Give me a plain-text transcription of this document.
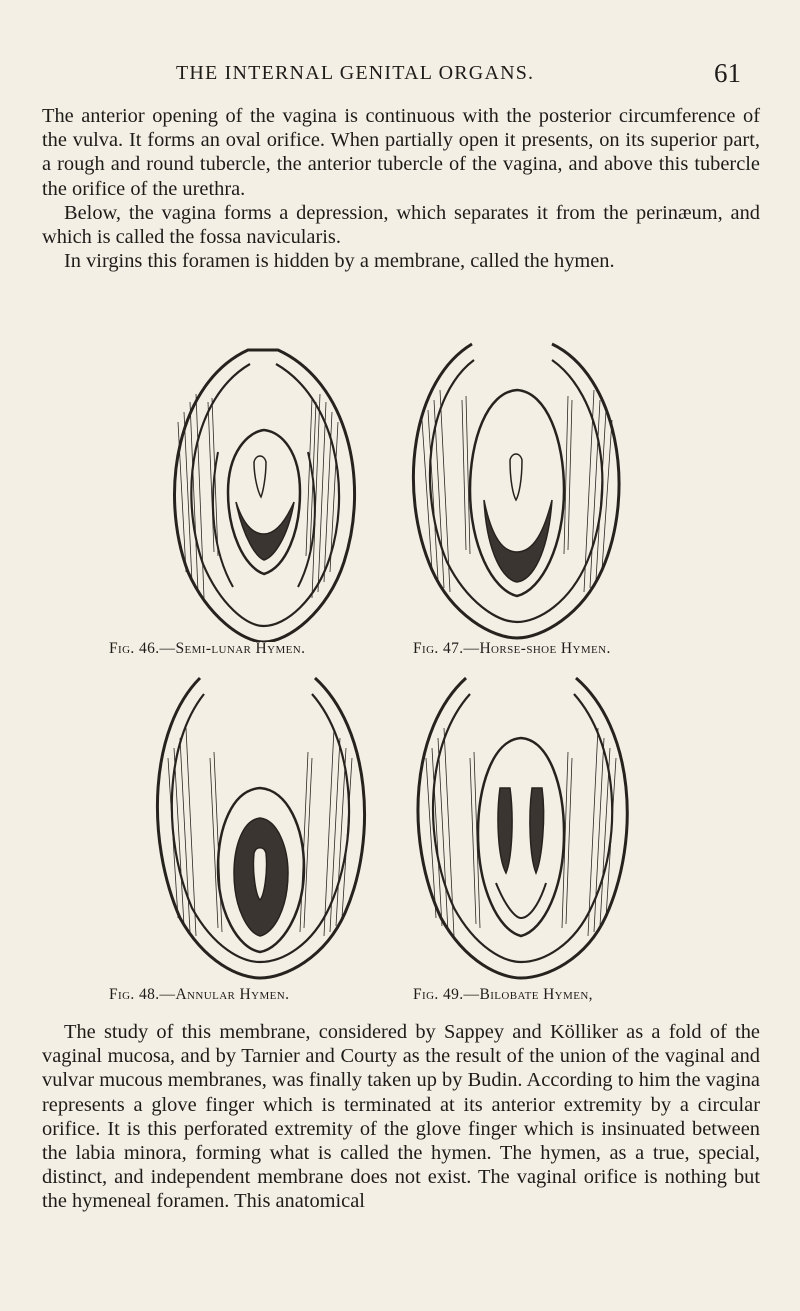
THE INTERNAL GENITAL ORGANS.	61

The anterior opening of the vagina is continuous with the posterior circumference of the vulva. It forms an oval orifice. When partially open it presents, on its superior part, a rough and round tubercle, the anterior tubercle of the vagina, and above this tubercle the orifice of the urethra.
Below, the vagina forms a depression, which separates it from the perinæum, and which is called the fossa navicularis.
In virgins this foramen is hidden by a membrane, called the hymen.

Fig. 46.—Semi-lunar Hymen.	Fig. 47.—Horse-shoe Hymen.
Fig. 48.—Annular Hymen.	Fig. 49.—Bilobate Hymen,

The study of this membrane, considered by Sappey and Kölliker as a fold of the vaginal mucosa, and by Tarnier and Courty as the result of the union of the vaginal and vulvar mucous membranes, was finally taken up by Budin. According to him the vagina represents a glove finger which is terminated at its anterior extremity by a circular orifice. It is this perforated extremity of the glove finger which is insinuated between the labia minora, forming what is called the hymen. The hymen, as a true, special, distinct, and independent membrane does not exist. The vaginal orifice is nothing but the hymeneal foramen. This anatomical
